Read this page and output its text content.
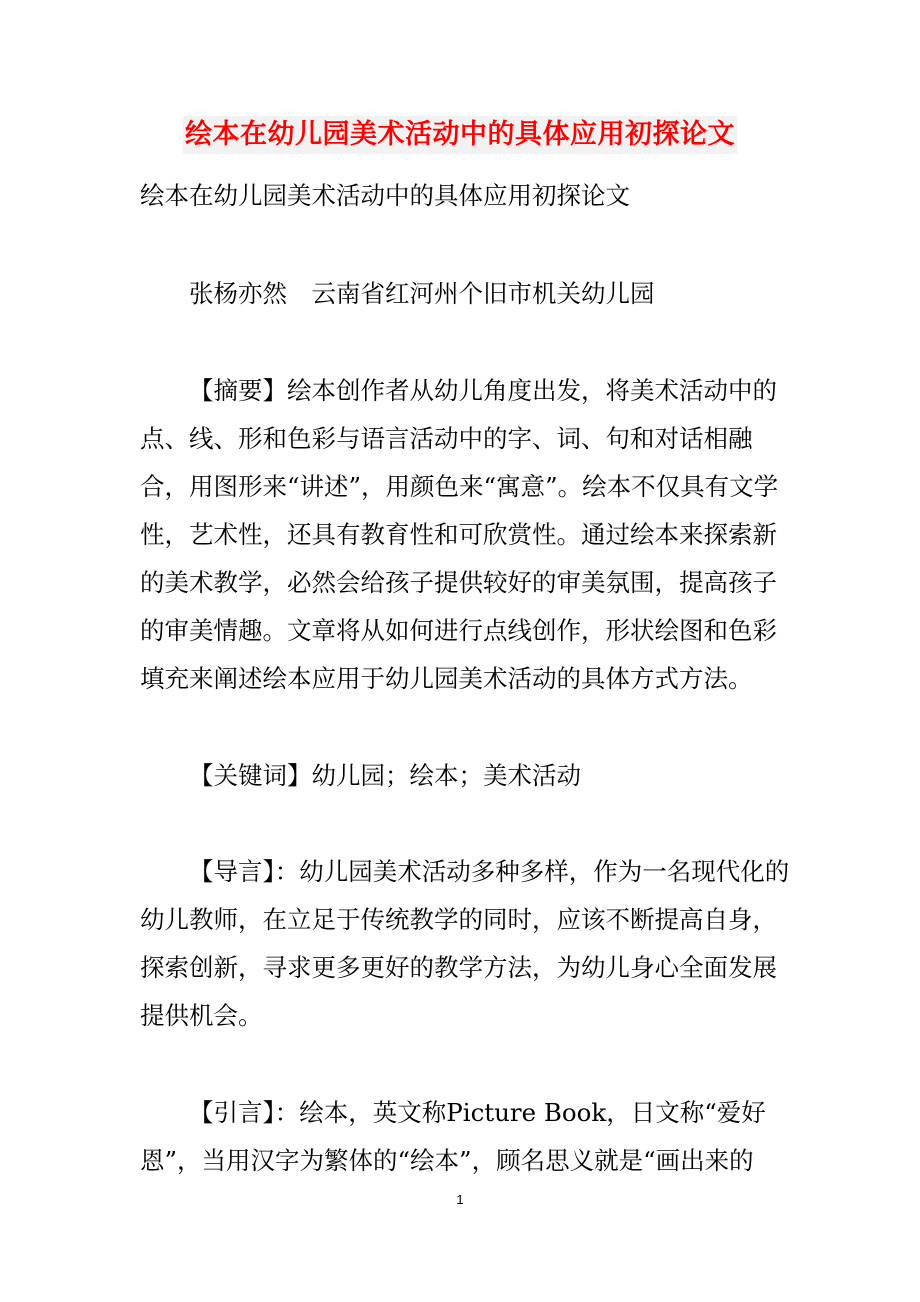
绘本在幼儿园美术活动中的具体应用初探论文

绘本在幼儿园美术活动中的具体应用初探论文

张杨亦然　云南省红河州个旧市机关幼儿园

【摘要】绘本创作者从幼儿角度出发，将美术活动中的点、线、形和色彩与语言活动中的字、词、句和对话相融合，用图形来“讲述”，用颜色来“寓意”。绘本不仅具有文学性，艺术性，还具有教育性和可欣赏性。通过绘本来探索新的美术教学，必然会给孩子提供较好的审美氛围，提高孩子的审美情趣。文章将从如何进行点线创作，形状绘图和色彩填充来阐述绘本应用于幼儿园美术活动的具体方式方法。

【关键词】幼儿园；绘本；美术活动

【导言】：幼儿园美术活动多种多样，作为一名现代化的幼儿教师，在立足于传统教学的同时，应该不断提高自身，探索创新，寻求更多更好的教学方法，为幼儿身心全面发展提供机会。

【引言】：绘本，英文称Picture Book，日文称“爱好恩”，当用汉字为繁体的“绘本”，顾名思义就是“画出来的

1
